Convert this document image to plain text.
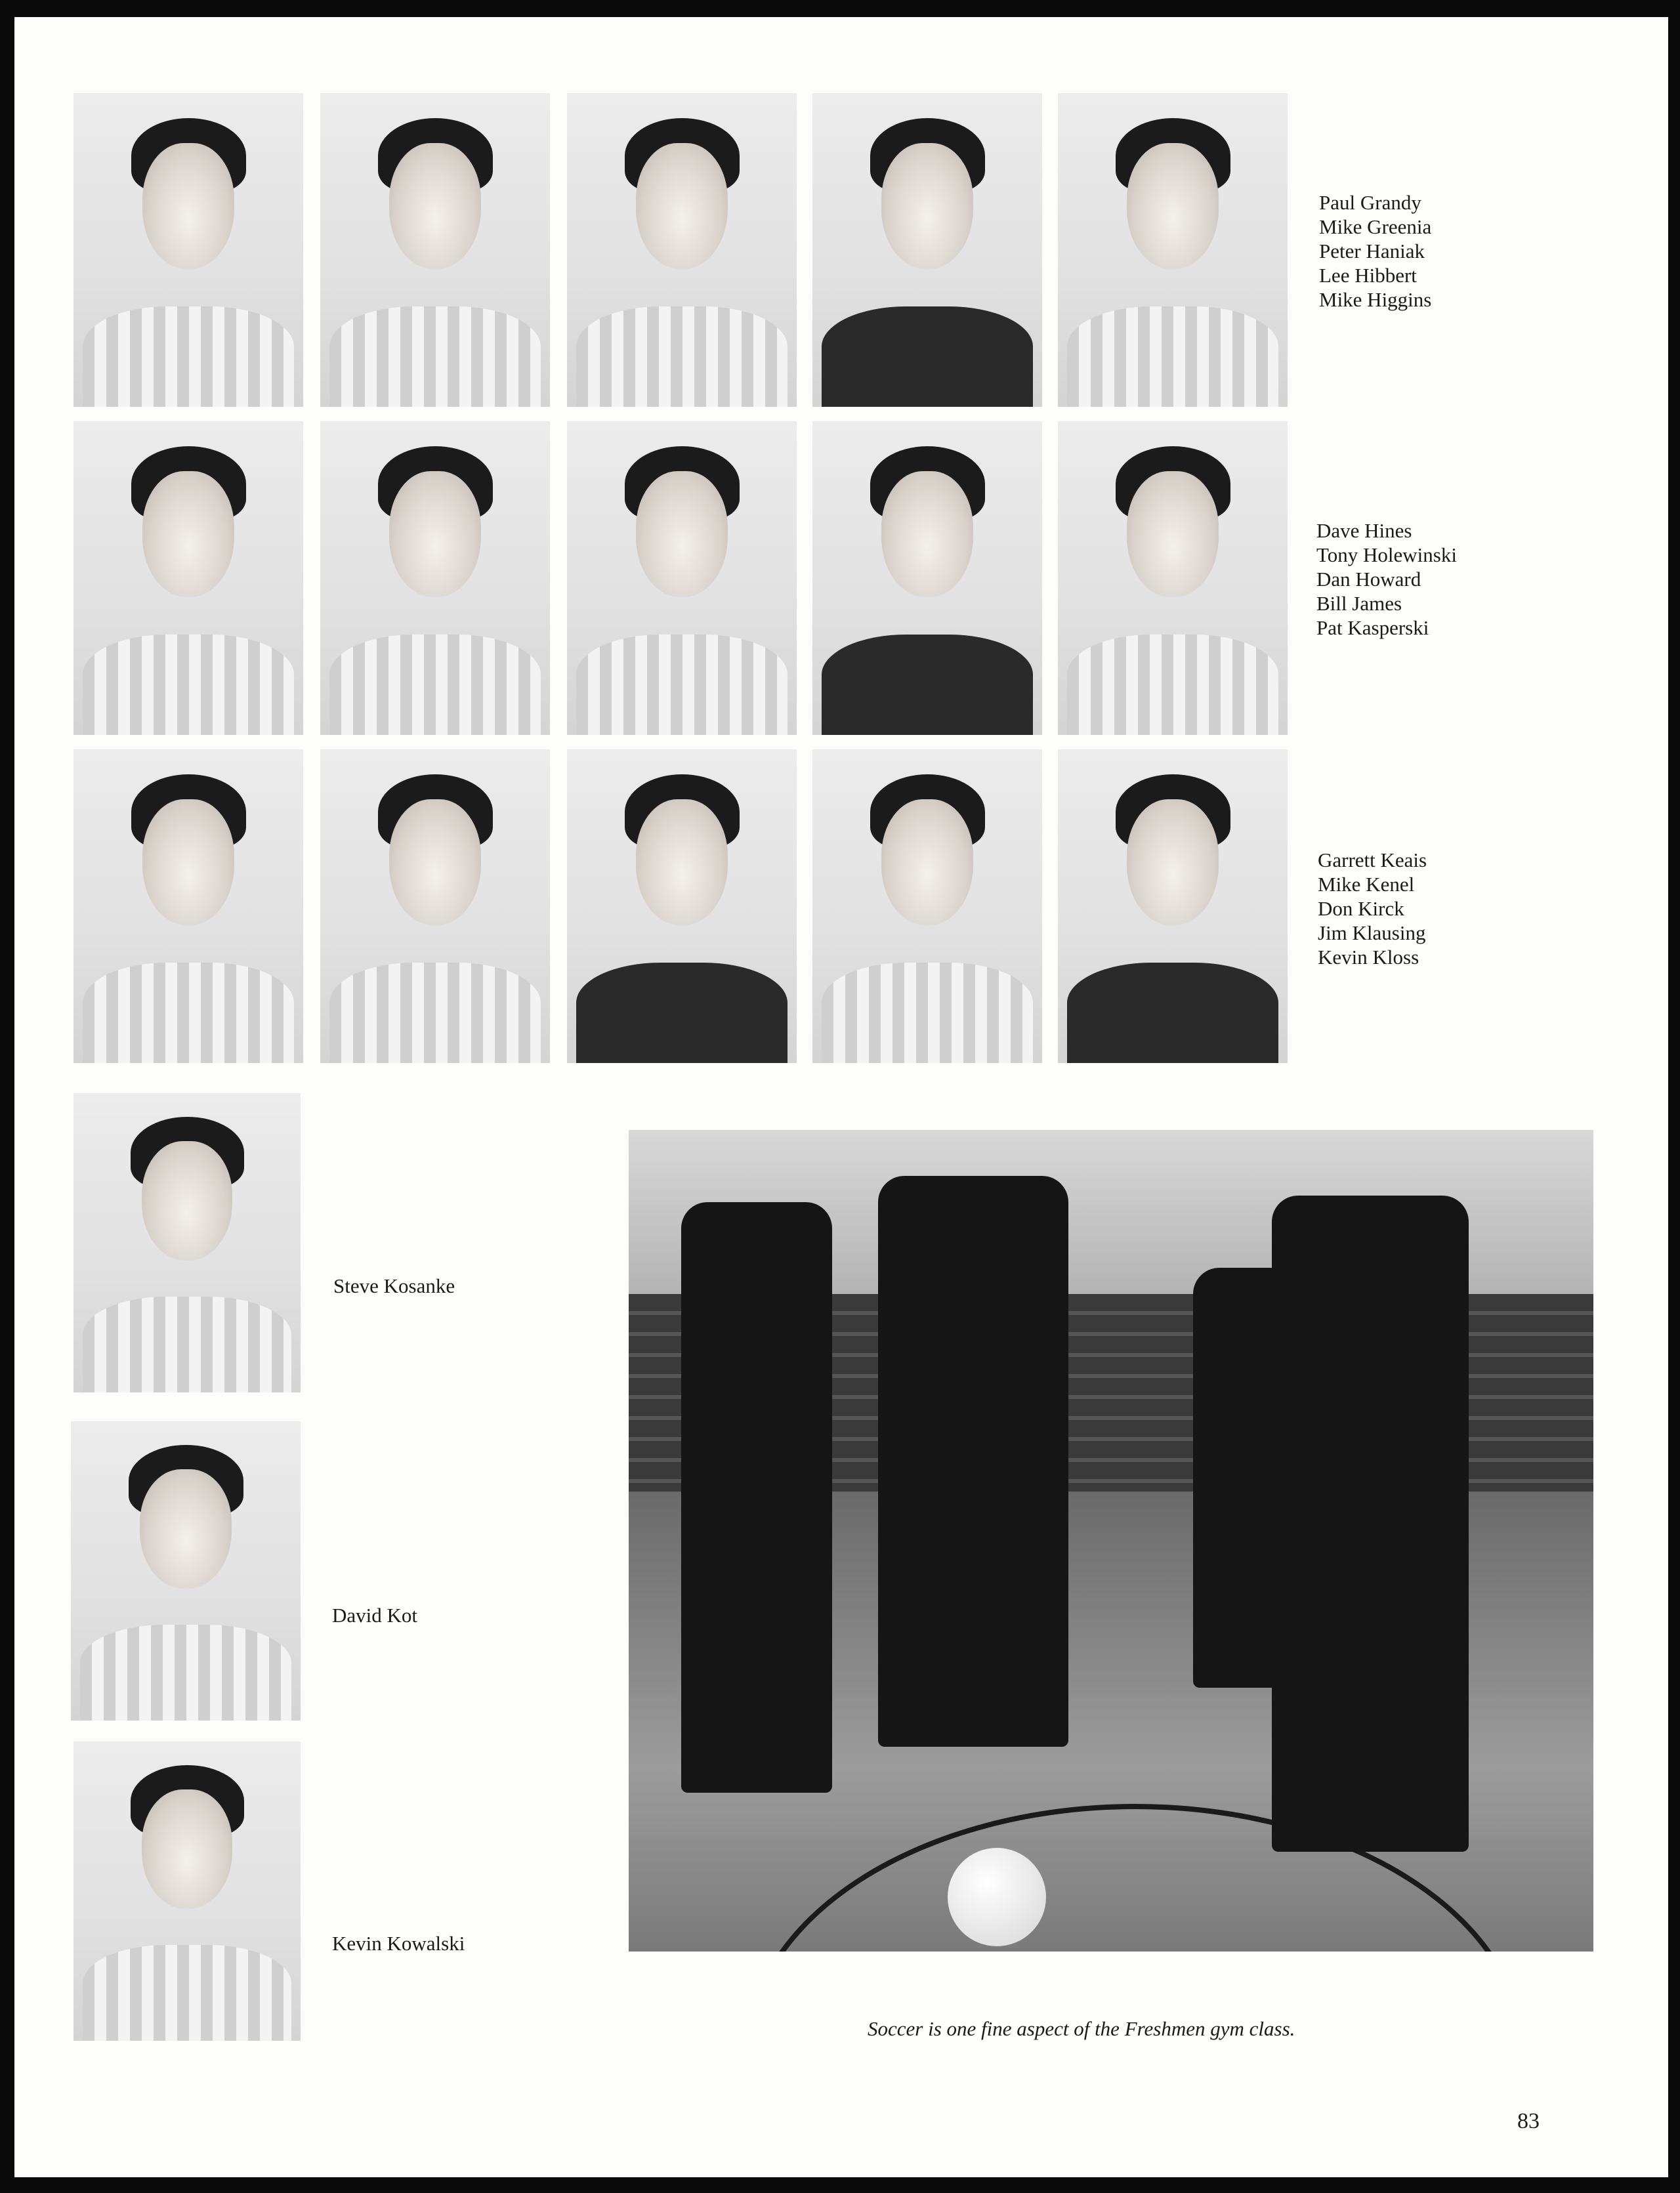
Paul Grandy
Mike Greenia
Peter Haniak
Lee Hibbert
Mike Higgins
Dave Hines
Tony Holewinski
Dan Howard
Bill James
Pat Kasperski
Garrett Keais
Mike Kenel
Don Kirck
Jim Klausing
Kevin Kloss
Steve Kosanke
David Kot
Kevin Kowalski
Soccer is one fine aspect of the Freshmen gym class.
83
